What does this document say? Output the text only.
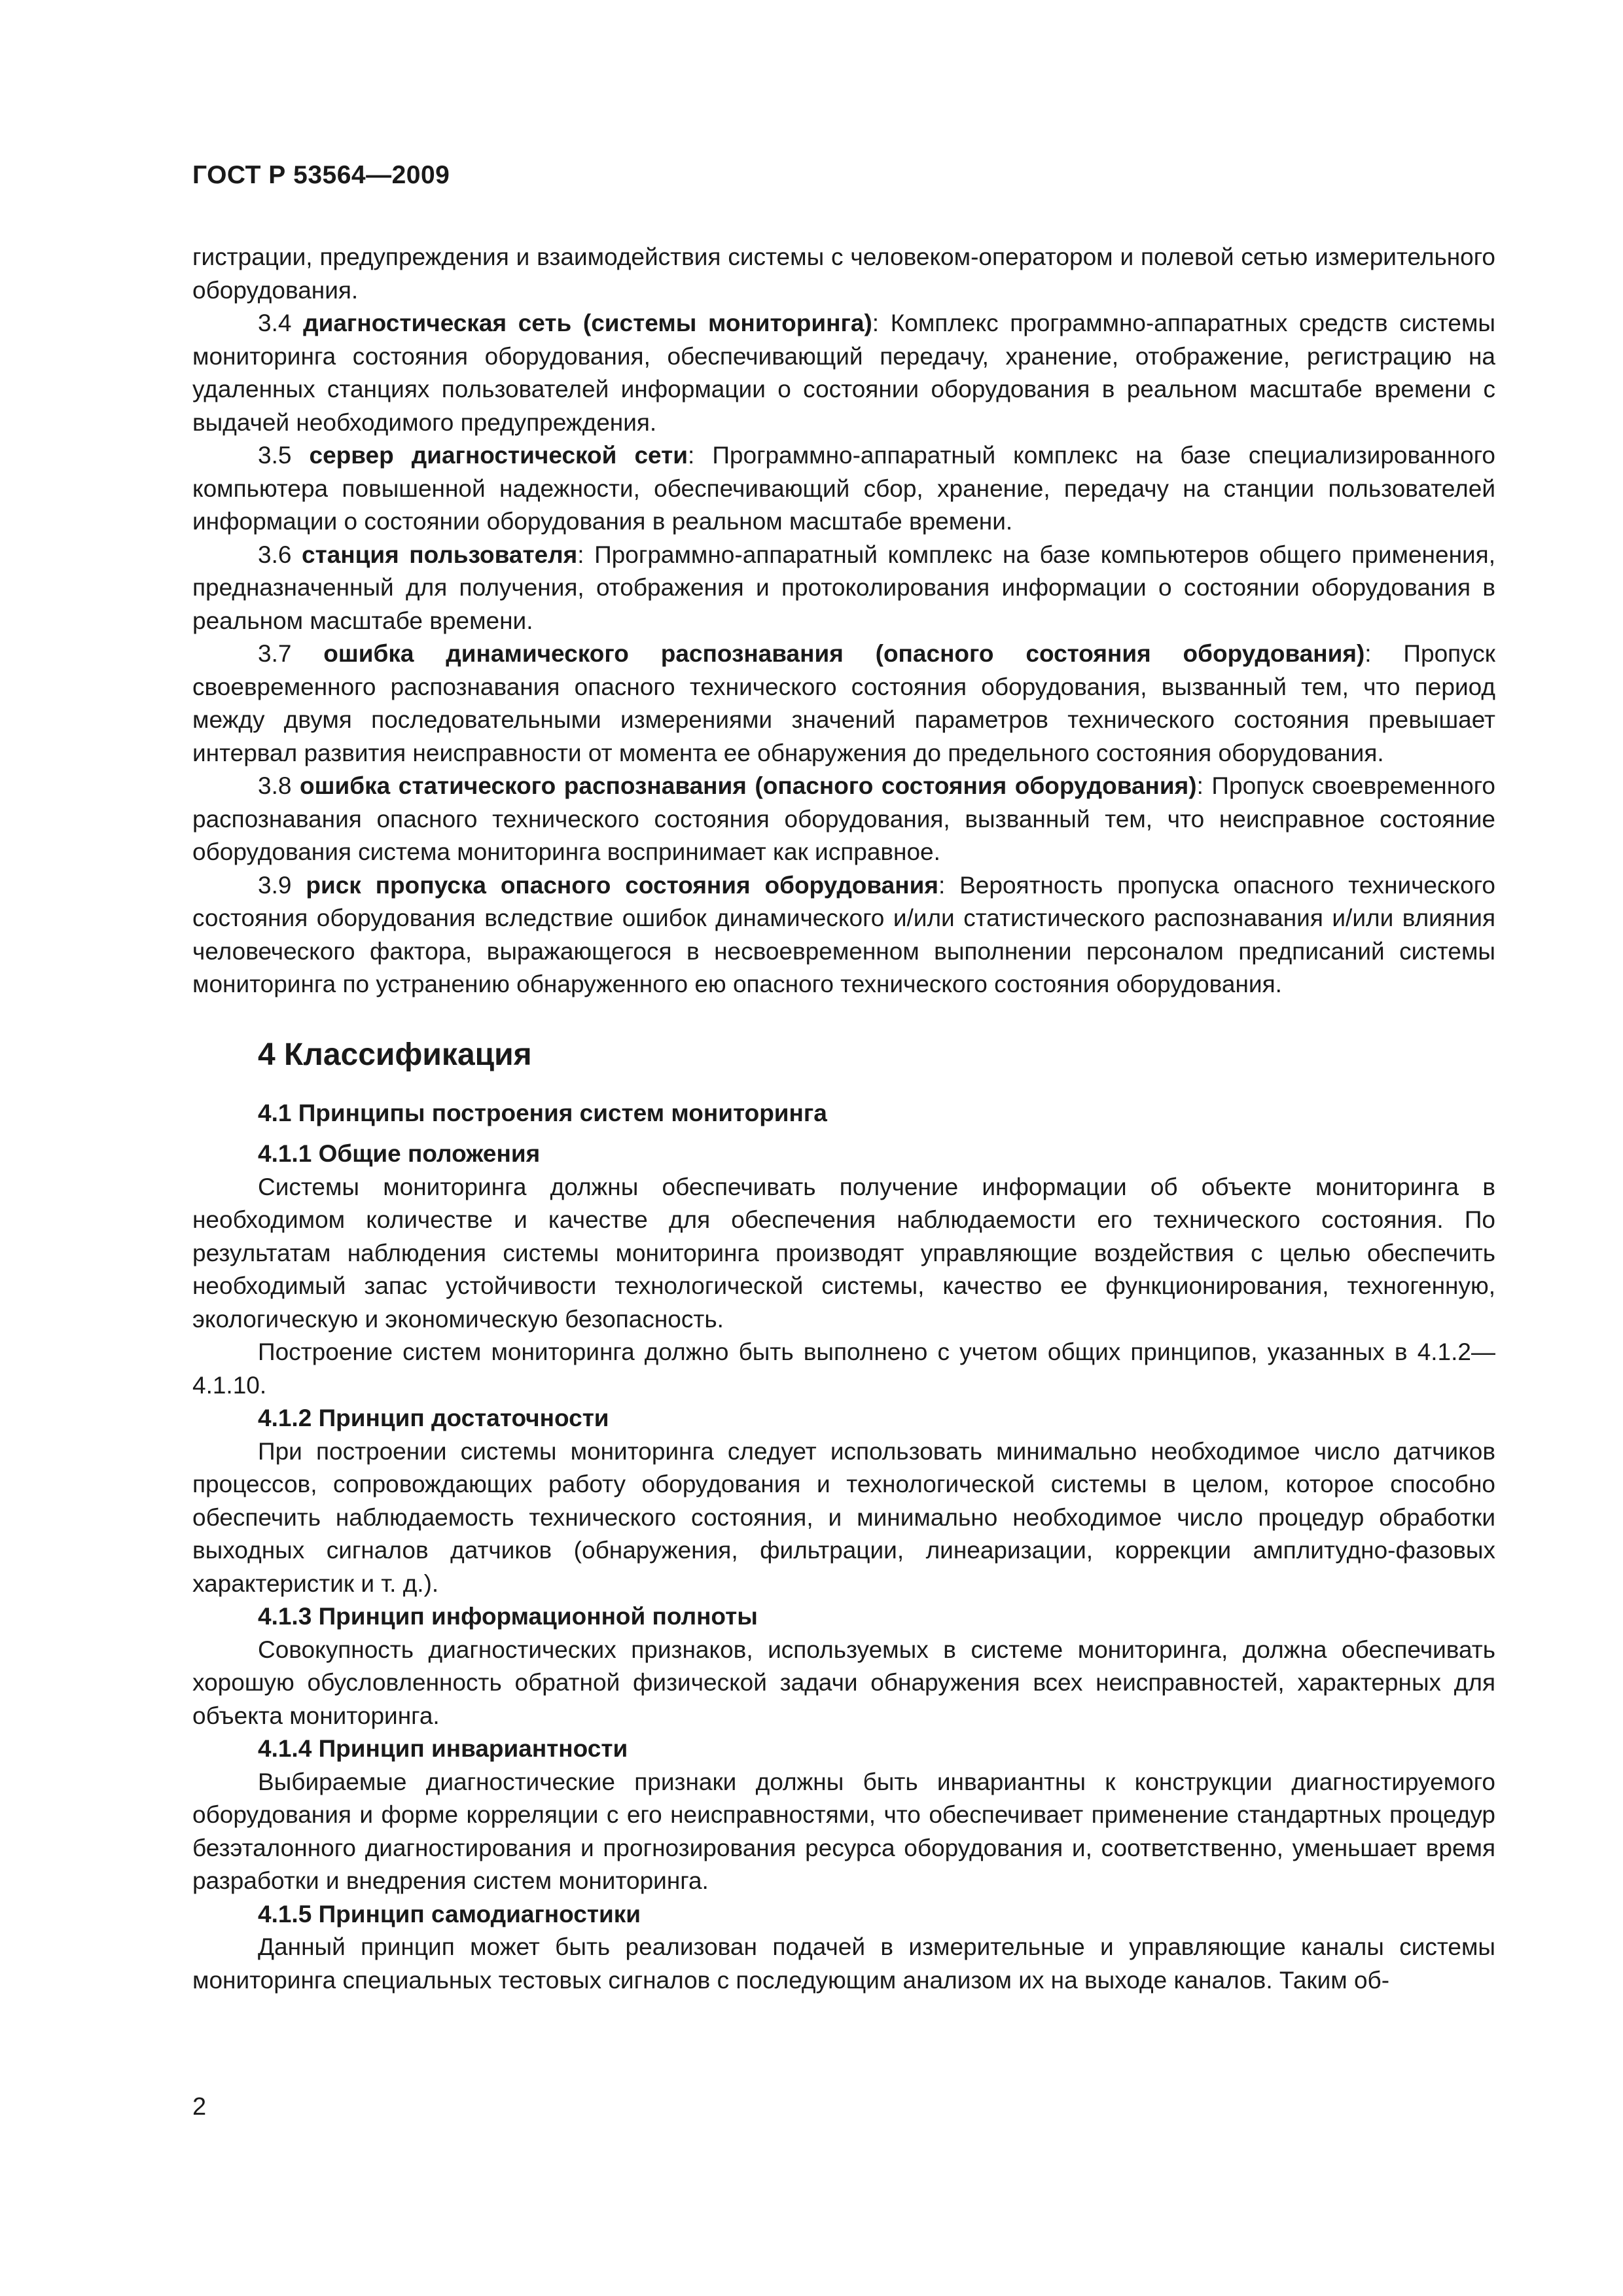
ГОСТ Р 53564—2009

гистрации, предупреждения и взаимодействия системы с человеком-оператором и полевой сетью измерительного оборудования.

3.4 диагностическая сеть (системы мониторинга): Комплекс программно-аппаратных средств системы мониторинга состояния оборудования, обеспечивающий передачу, хранение, отображение, регистрацию на удаленных станциях пользователей информации о состоянии оборудования в реальном масштабе времени с выдачей необходимого предупреждения.

3.5 сервер диагностической сети: Программно-аппаратный комплекс на базе специализированного компьютера повышенной надежности, обеспечивающий сбор, хранение, передачу на станции пользователей информации о состоянии оборудования в реальном масштабе времени.

3.6 станция пользователя: Программно-аппаратный комплекс на базе компьютеров общего применения, предназначенный для получения, отображения и протоколирования информации о состоянии оборудования в реальном масштабе времени.

3.7 ошибка динамического распознавания (опасного состояния оборудования): Пропуск своевременного распознавания опасного технического состояния оборудования, вызванный тем, что период между двумя последовательными измерениями значений параметров технического состояния превышает интервал развития неисправности от момента ее обнаружения до предельного состояния оборудования.

3.8 ошибка статического распознавания (опасного состояния оборудования): Пропуск своевременного распознавания опасного технического состояния оборудования, вызванный тем, что неисправное состояние оборудования система мониторинга воспринимает как исправное.

3.9 риск пропуска опасного состояния оборудования: Вероятность пропуска опасного технического состояния оборудования вследствие ошибок динамического и/или статистического распознавания и/или влияния человеческого фактора, выражающегося в несвоевременном выполнении персоналом предписаний системы мониторинга по устранению обнаруженного ею опасного технического состояния оборудования.

4 Классификация
4.1 Принципы построения систем мониторинга
4.1.1 Общие положения

Системы мониторинга должны обеспечивать получение информации об объекте мониторинга в необходимом количестве и качестве для обеспечения наблюдаемости его технического состояния. По результатам наблюдения системы мониторинга производят управляющие воздействия с целью обеспечить необходимый запас устойчивости технологической системы, качество ее функционирования, техногенную, экологическую и экономическую безопасность.

Построение систем мониторинга должно быть выполнено с учетом общих принципов, указанных в 4.1.2—4.1.10.

4.1.2 Принцип достаточности

При построении системы мониторинга следует использовать минимально необходимое число датчиков процессов, сопровождающих работу оборудования и технологической системы в целом, которое способно обеспечить наблюдаемость технического состояния, и минимально необходимое число процедур обработки выходных сигналов датчиков (обнаружения, фильтрации, линеаризации, коррекции амплитудно-фазовых характеристик и т. д.).

4.1.3 Принцип информационной полноты

Совокупность диагностических признаков, используемых в системе мониторинга, должна обеспечивать хорошую обусловленность обратной физической задачи обнаружения всех неисправностей, характерных для объекта мониторинга.

4.1.4 Принцип инвариантности

Выбираемые диагностические признаки должны быть инвариантны к конструкции диагностируемого оборудования и форме корреляции с его неисправностями, что обеспечивает применение стандартных процедур безэталонного диагностирования и прогнозирования ресурса оборудования и, соответственно, уменьшает время разработки и внедрения систем мониторинга.

4.1.5 Принцип самодиагностики

Данный принцип может быть реализован подачей в измерительные и управляющие каналы системы мониторинга специальных тестовых сигналов с последующим анализом их на выходе каналов. Таким об-

2
